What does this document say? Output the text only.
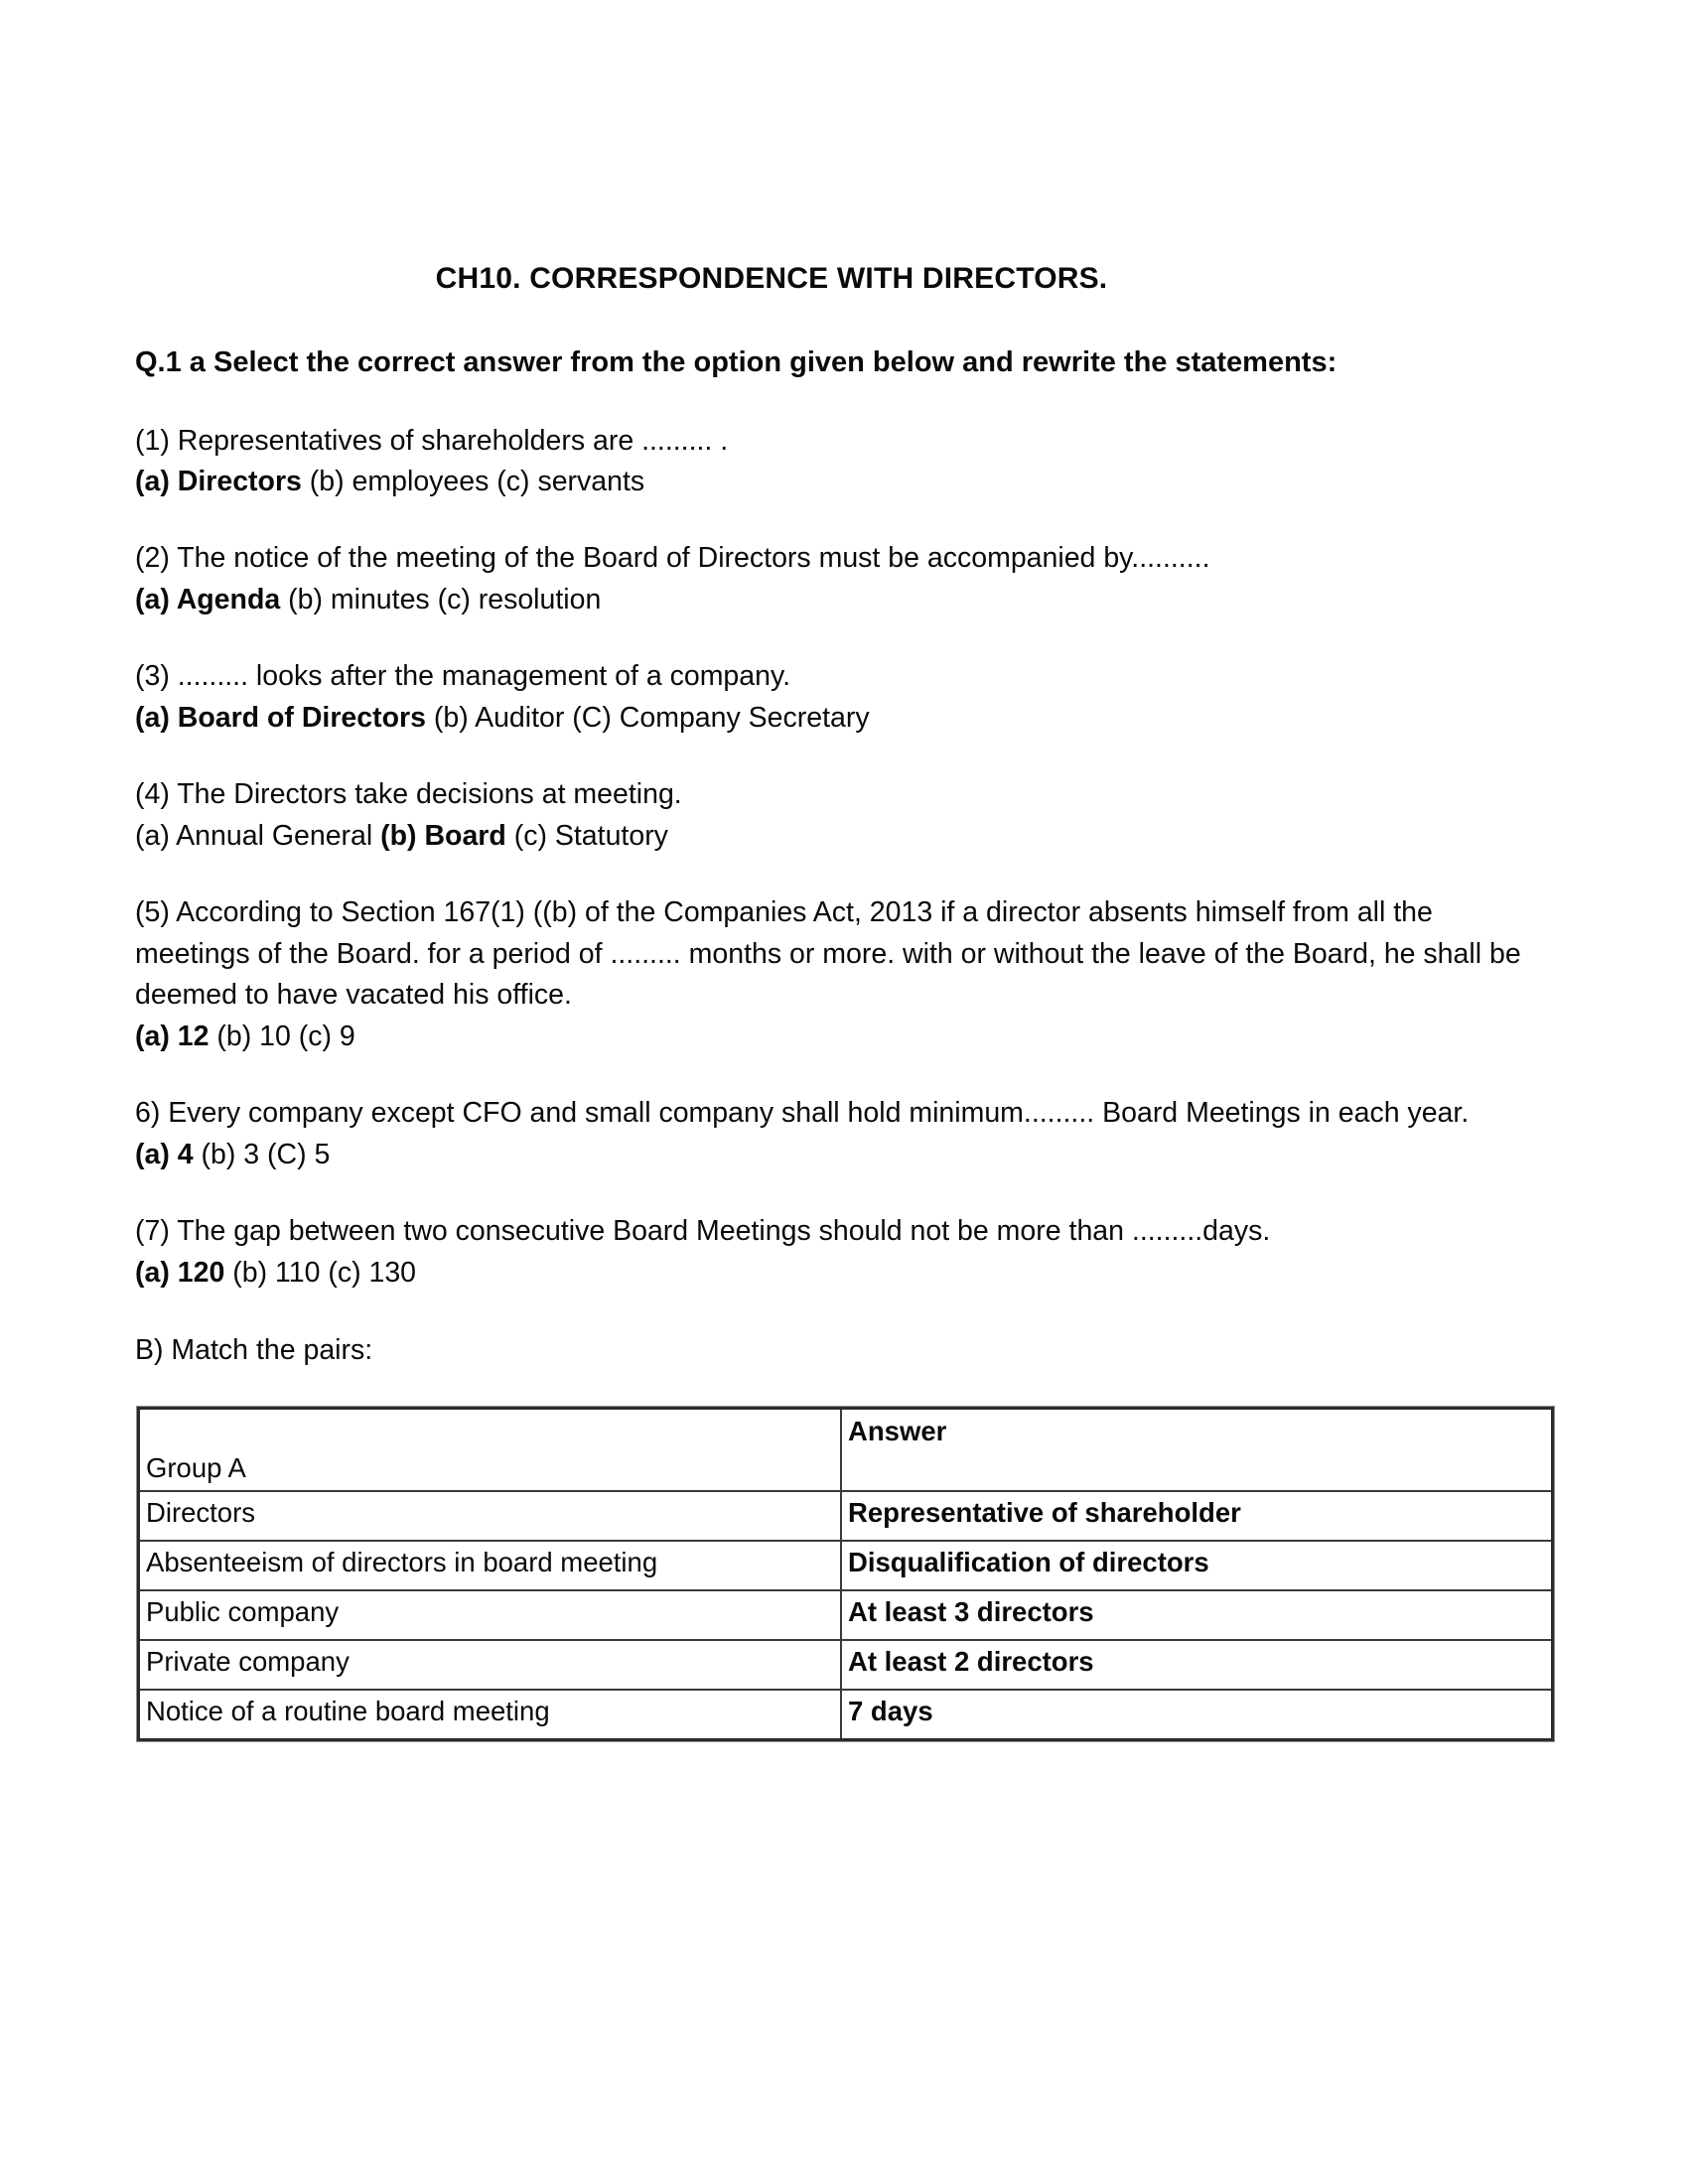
CH10. CORRESPONDENCE WITH DIRECTORS.

Q.1 a Select the correct answer from the option given below and rewrite the statements:

(1) Representatives of shareholders are ......... .
(a) Directors (b) employees (c) servants
(2) The notice of the meeting of the Board of Directors must be accompanied by..........
(a) Agenda (b) minutes (c) resolution
(3) ......... looks after the management of a company.
(a) Board of Directors (b) Auditor (C) Company Secretary
(4) The Directors take decisions at meeting.
(a) Annual General (b) Board (c) Statutory
(5) According to Section 167(1) ((b) of the Companies Act, 2013 if a director absents himself from all the meetings of the Board. for a period of ......... months or more. with or without the leave of the Board, he shall be deemed to have vacated his office.
(a) 12 (b) 10 (c) 9
6) Every company except CFO and small company shall hold minimum......... Board Meetings in each year.
(a) 4 (b) 3 (C) 5
(7) The gap between two consecutive Board Meetings should not be more than .........days.
(a) 120 (b) 110 (c) 130

B) Match the pairs:

Group A	Answer
Directors	Representative of shareholder
Absenteeism of directors in board meeting	Disqualification of directors
Public company	At least 3 directors
Private company	At least 2 directors
Notice of a routine board meeting	7 days
